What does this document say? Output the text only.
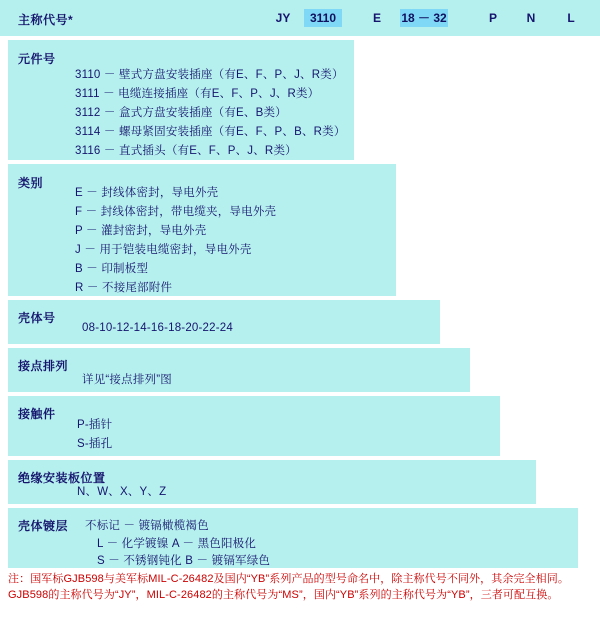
主称代号*	JY	3110	E	18 － 32	P	N	L
元件号
3110 － 壁式方盘安装插座（有E、F、P、J、R类）
3111 － 电缆连接插座（有E、F、P、J、R类）
3112 － 盒式方盘安装插座（有E、B类）
3114 － 螺母紧固安装插座（有E、F、P、B、R类）
3116 － 直式插头（有E、F、P、J、R类）
类别
E － 封线体密封，导电外壳
F － 封线体密封，带电缆夹，导电外壳
P － 灌封密封，导电外壳
J － 用于铠装电缆密封，导电外壳
B － 印制板型
R － 不接尾部附件
壳体号
08-10-12-14-16-18-20-22-24
接点排列
详见“接点排列”图
接触件
P-插针
S-插孔
绝缘安装板位置
N、W、X、Y、Z
壳体镀层 不标记 － 镀镉橄榄褐色
L － 化学镀镍 A － 黑色阳极化
S － 不锈钢钝化 B － 镀镉军绿色
注：国军标GJB598与美军标MIL-C-26482及国内“YB”系列产品的型号命名中，除主称代号不同外，其余完全相同。
GJB598的主称代号为“JY”，MIL-C-26482的主称代号为“MS”，国内“YB”系列的主称代号为“YB”，三者可配互换。
